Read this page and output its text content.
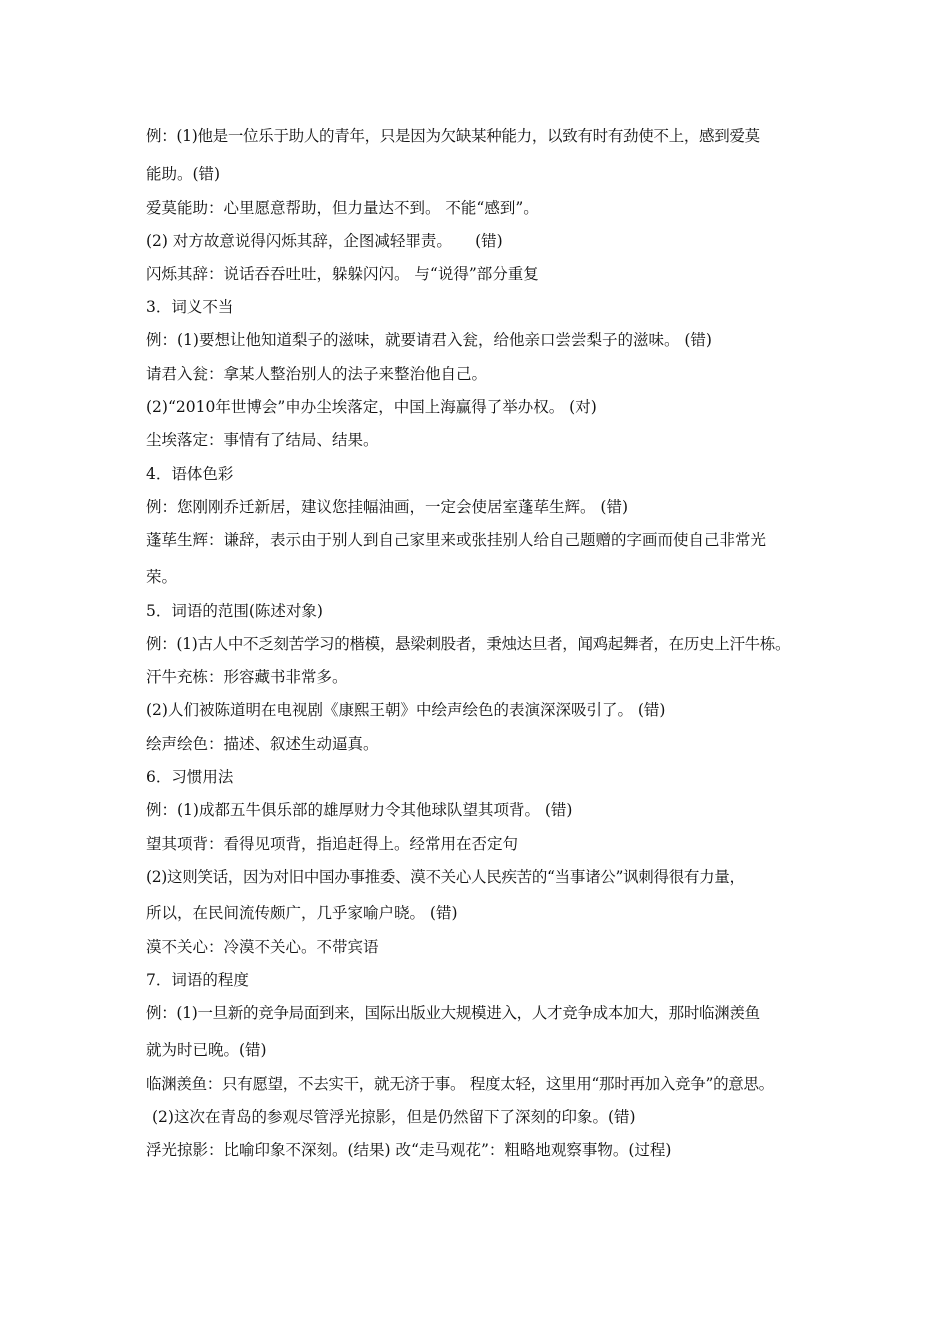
例：(1)他是一位乐于助人的青年，只是因为欠缺某种能力，以致有时有劲使不上，感到爱莫
能助。(错)
爱莫能助：心里愿意帮助，但力量达不到。 不能“感到”。
(2) 对方故意说得闪烁其辞，企图减轻罪责。　　(错)
闪烁其辞：说话吞吞吐吐，躲躲闪闪。 与“说得”部分重复
3．词义不当
例：(1)要想让他知道梨子的滋味，就要请君入瓮，给他亲口尝尝梨子的滋味。 (错)
请君入瓮：拿某人整治别人的法子来整治他自己。
(2)“2010年世博会”申办尘埃落定，中国上海赢得了举办权。 (对)
尘埃落定：事情有了结局、结果。
4．语体色彩
例：您刚刚乔迁新居，建议您挂幅油画，一定会使居室蓬荜生辉。 (错)
蓬荜生辉：谦辞，表示由于别人到自己家里来或张挂别人给自己题赠的字画而使自己非常光
荣。
5．词语的范围(陈述对象)
例：(1)古人中不乏刻苦学习的楷模，悬梁刺股者，秉烛达旦者，闻鸡起舞者，在历史上汗牛栋。
汗牛充栋：形容藏书非常多。
(2)人们被陈道明在电视剧《康熙王朝》中绘声绘色的表演深深吸引了。 (错)
绘声绘色：描述、叙述生动逼真。
6．习惯用法
例：(1)成都五牛俱乐部的雄厚财力令其他球队望其项背。 (错)
望其项背：看得见项背，指追赶得上。经常用在否定句
(2)这则笑话，因为对旧中国办事推委、漠不关心人民疾苦的“当事诸公”讽刺得很有力量，
所以，在民间流传颇广，几乎家喻户晓。 (错)
漠不关心：冷漠不关心。不带宾语
7．词语的程度
例：(1)一旦新的竞争局面到来，国际出版业大规模进入，人才竞争成本加大，那时临渊羡鱼
就为时已晚。(错)
临渊羡鱼：只有愿望，不去实干，就无济于事。 程度太轻，这里用“那时再加入竞争”的意思。
(2)这次在青岛的参观尽管浮光掠影，但是仍然留下了深刻的印象。(错)
浮光掠影：比喻印象不深刻。(结果) 改“走马观花”：粗略地观察事物。(过程)
